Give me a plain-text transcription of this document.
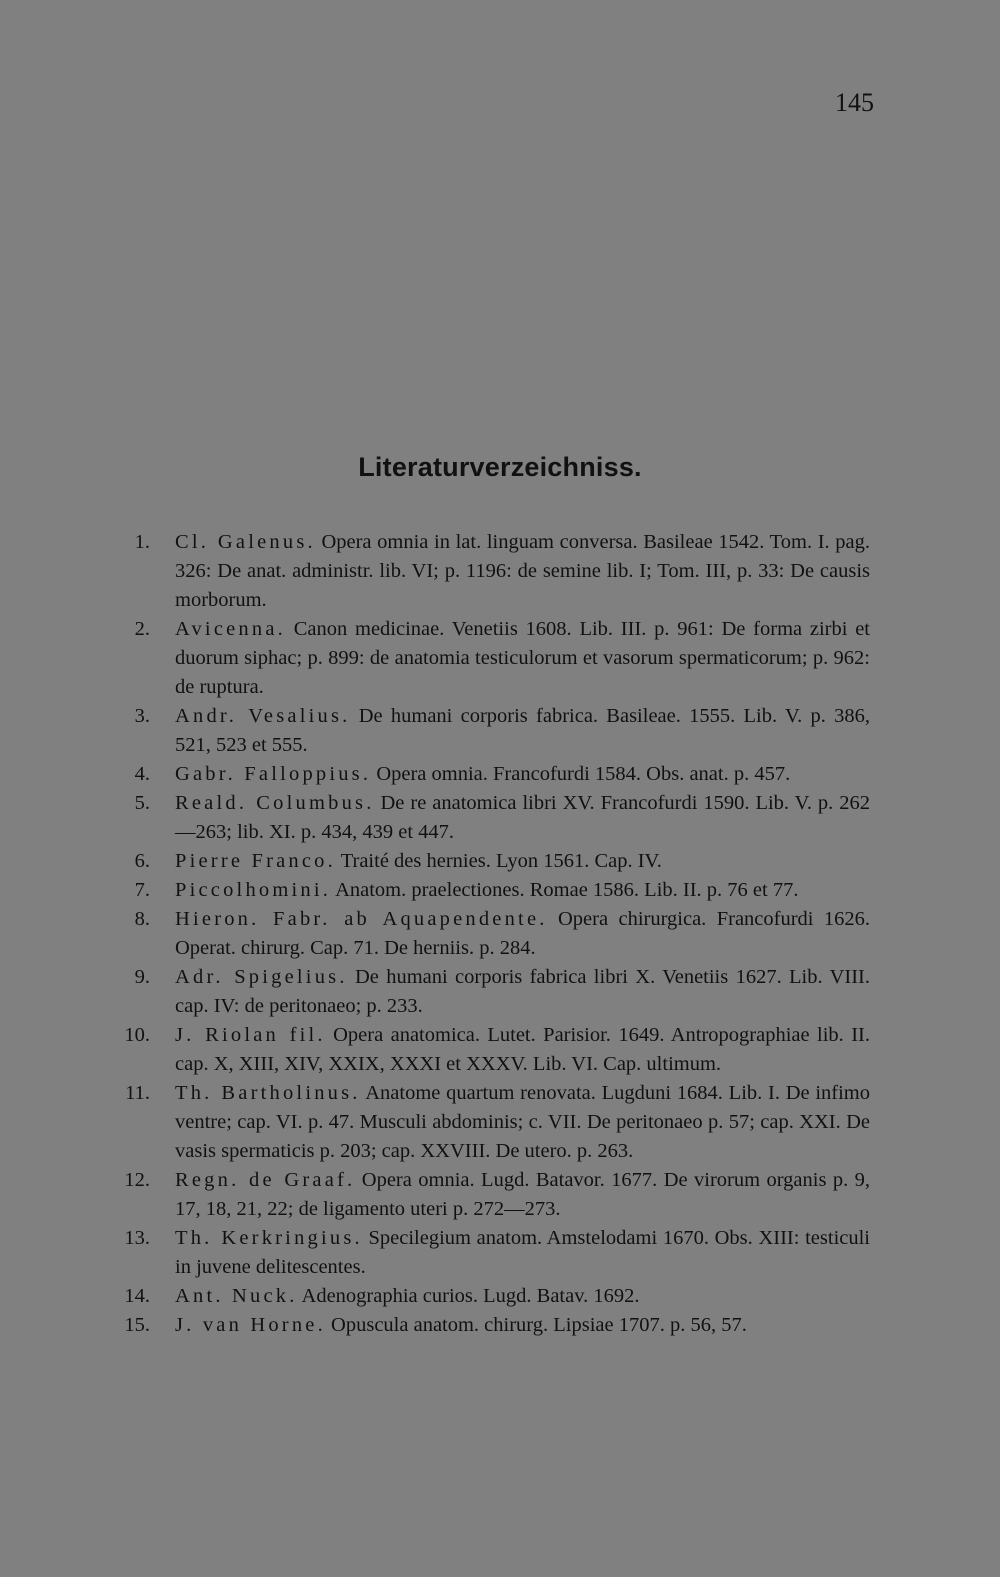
145
Literaturverzeichniss.
1. Cl. Galenus. Opera omnia in lat. linguam conversa. Basileae 1542. Tom. I. pag. 326: De anat. administr. lib. VI; p. 1196: de semine lib. I; Tom. III, p. 33: De causis morborum.
2. Avicenna. Canon medicinae. Venetiis 1608. Lib. III. p. 961: De forma zirbi et duorum siphac; p. 899: de anatomia testiculorum et vasorum spermaticorum; p. 962: de ruptura.
3. Andr. Vesalius. De humani corporis fabrica. Basileae. 1555. Lib. V. p. 386, 521, 523 et 555.
4. Gabr. Falloppius. Opera omnia. Francofurdi 1584. Obs. anat. p. 457.
5. Reald. Columbus. De re anatomica libri XV. Francofurdi 1590. Lib. V. p. 262—263; lib. XI. p. 434, 439 et 447.
6. Pierre Franco. Traité des hernies. Lyon 1561. Cap. IV.
7. Piccolhomini. Anatom. praelectiones. Romae 1586. Lib. II. p. 76 et 77.
8. Hieron. Fabr. ab Aquapendente. Opera chirurgica. Francofurdi 1626. Operat. chirurg. Cap. 71. De herniis. p. 284.
9. Adr. Spigelius. De humani corporis fabrica libri X. Venetiis 1627. Lib. VIII. cap. IV: de peritonaeo; p. 233.
10. J. Riolan fil. Opera anatomica. Lutet. Parisior. 1649. Antropographiae lib. II. cap. X, XIII, XIV, XXIX, XXXI et XXXV. Lib. VI. Cap. ultimum.
11. Th. Bartholinus. Anatome quartum renovata. Lugduni 1684. Lib. I. De infimo ventre; cap. VI. p. 47. Musculi abdominis; c. VII. De peritonaeo p. 57; cap. XXI. De vasis spermaticis p. 203; cap. XXVIII. De utero. p. 263.
12. Regn. de Graaf. Opera omnia. Lugd. Batavor. 1677. De virorum organis p. 9, 17, 18, 21, 22; de ligamento uteri p. 272—273.
13. Th. Kerkringius. Specilegium anatom. Amstelodami 1670. Obs. XIII: testiculi in juvene delitescentes.
14. Ant. Nuck. Adenographia curios. Lugd. Batav. 1692.
15. J. van Horne. Opuscula anatom. chirurg. Lipsiae 1707. p. 56, 57.
